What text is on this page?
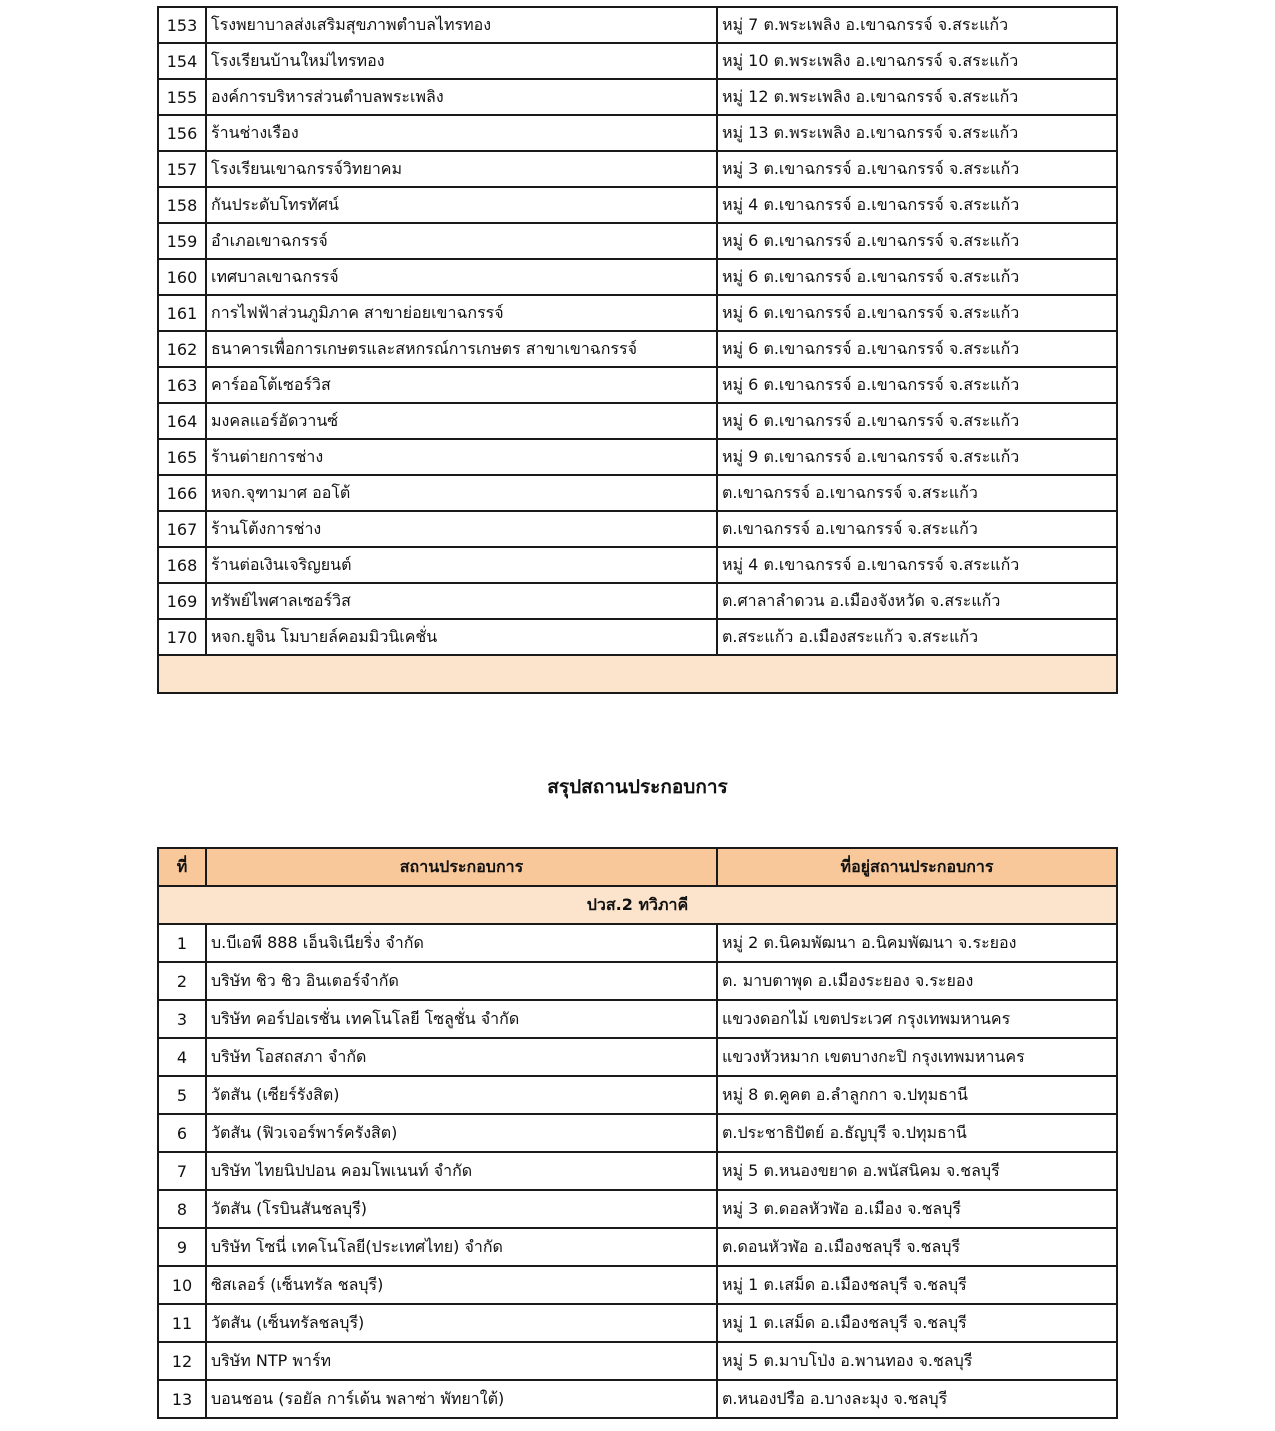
153	โรงพยาบาลส่งเสริมสุขภาพตำบลไทรทอง	หมู่ 7 ต.พระเพลิง อ.เขาฉกรรจ์ จ.สระแก้ว
154	โรงเรียนบ้านใหม่ไทรทอง	หมู่ 10 ต.พระเพลิง อ.เขาฉกรรจ์ จ.สระแก้ว
155	องค์การบริหารส่วนตำบลพระเพลิง	หมู่ 12 ต.พระเพลิง อ.เขาฉกรรจ์ จ.สระแก้ว
156	ร้านช่างเรือง	หมู่ 13 ต.พระเพลิง อ.เขาฉกรรจ์ จ.สระแก้ว
157	โรงเรียนเขาฉกรรจ์วิทยาคม	หมู่ 3 ต.เขาฉกรรจ์ อ.เขาฉกรรจ์ จ.สระแก้ว
158	กันประดับโทรทัศน์	หมู่ 4 ต.เขาฉกรรจ์ อ.เขาฉกรรจ์ จ.สระแก้ว
159	อำเภอเขาฉกรรจ์	หมู่ 6 ต.เขาฉกรรจ์ อ.เขาฉกรรจ์ จ.สระแก้ว
160	เทศบาลเขาฉกรรจ์	หมู่ 6 ต.เขาฉกรรจ์ อ.เขาฉกรรจ์ จ.สระแก้ว
161	การไฟฟ้าส่วนภูมิภาค สาขาย่อยเขาฉกรรจ์	หมู่ 6 ต.เขาฉกรรจ์ อ.เขาฉกรรจ์ จ.สระแก้ว
162	ธนาคารเพื่อการเกษตรและสหกรณ์การเกษตร สาขาเขาฉกรรจ์	หมู่ 6 ต.เขาฉกรรจ์ อ.เขาฉกรรจ์ จ.สระแก้ว
163	คาร์ออโต้เซอร์วิส	หมู่ 6 ต.เขาฉกรรจ์ อ.เขาฉกรรจ์ จ.สระแก้ว
164	มงคลแอร์อัดวานซ์	หมู่ 6 ต.เขาฉกรรจ์ อ.เขาฉกรรจ์ จ.สระแก้ว
165	ร้านต่ายการช่าง	หมู่ 9 ต.เขาฉกรรจ์ อ.เขาฉกรรจ์ จ.สระแก้ว
166	หจก.จุฑามาศ ออโต้	ต.เขาฉกรรจ์ อ.เขาฉกรรจ์ จ.สระแก้ว
167	ร้านโต้งการช่าง	ต.เขาฉกรรจ์ อ.เขาฉกรรจ์ จ.สระแก้ว
168	ร้านต่อเงินเจริญยนต์	หมู่ 4 ต.เขาฉกรรจ์ อ.เขาฉกรรจ์ จ.สระแก้ว
169	ทรัพย์ไพศาลเซอร์วิส	ต.ศาลาลำดวน อ.เมืองจังหวัด จ.สระแก้ว
170	หจก.ยูจิน โมบายล์คอมมิวนิเคชั่น	ต.สระแก้ว อ.เมืองสระแก้ว จ.สระแก้ว

สรุปสถานประกอบการ
ที่	สถานประกอบการ	ที่อยู่สถานประกอบการ
ปวส.2 ทวิภาคี		
1	บ.บีเอพี 888 เอ็นจิเนียริ่ง จำกัด	หมู่ 2 ต.นิคมพัฒนา อ.นิคมพัฒนา จ.ระยอง
2	บริษัท ชิว ชิว อินเตอร์จำกัด	ต. มาบตาพุด อ.เมืองระยอง จ.ระยอง
3	บริษัท คอร์ปอเรชั่น เทคโนโลยี โซลูชั่น จำกัด	แขวงดอกไม้ เขตประเวศ กรุงเทพมหานคร
4	บริษัท โอสถสภา จำกัด	แขวงหัวหมาก เขตบางกะปิ กรุงเทพมหานคร
5	วัตสัน (เซียร์รังสิต)	หมู่ 8 ต.คูคต อ.ลำลูกกา จ.ปทุมธานี
6	วัตสัน (ฟิวเจอร์พาร์ครังสิต)	ต.ประชาธิปัตย์ อ.ธัญบุรี จ.ปทุมธานี
7	บริษัท ไทยนิปปอน คอมโพเนนท์ จำกัด	หมู่ 5 ต.หนองขยาด อ.พนัสนิคม จ.ชลบุรี
8	วัตสัน (โรบินสันชลบุรี)	หมู่ 3 ต.ดอลหัวฬ่อ อ.เมือง จ.ชลบุรี
9	บริษัท โซนี่ เทคโนโลยี(ประเทศไทย) จำกัด	ต.ดอนหัวฬ่อ อ.เมืองชลบุรี จ.ชลบุรี
10	ซิสเลอร์ (เซ็นทรัล ชลบุรี)	หมู่ 1 ต.เสม็ด อ.เมืองชลบุรี จ.ชลบุรี
11	วัตสัน (เซ็นทรัลชลบุรี)	หมู่ 1 ต.เสม็ด อ.เมืองชลบุรี จ.ชลบุรี
12	บริษัท NTP พาร์ท	หมู่ 5 ต.มาบโป่ง อ.พานทอง จ.ชลบุรี
13	บอนชอน (รอยัล การ์เด้น พลาซ่า พัทยาใต้)	ต.หนองปรือ อ.บางละมุง จ.ชลบุรี
